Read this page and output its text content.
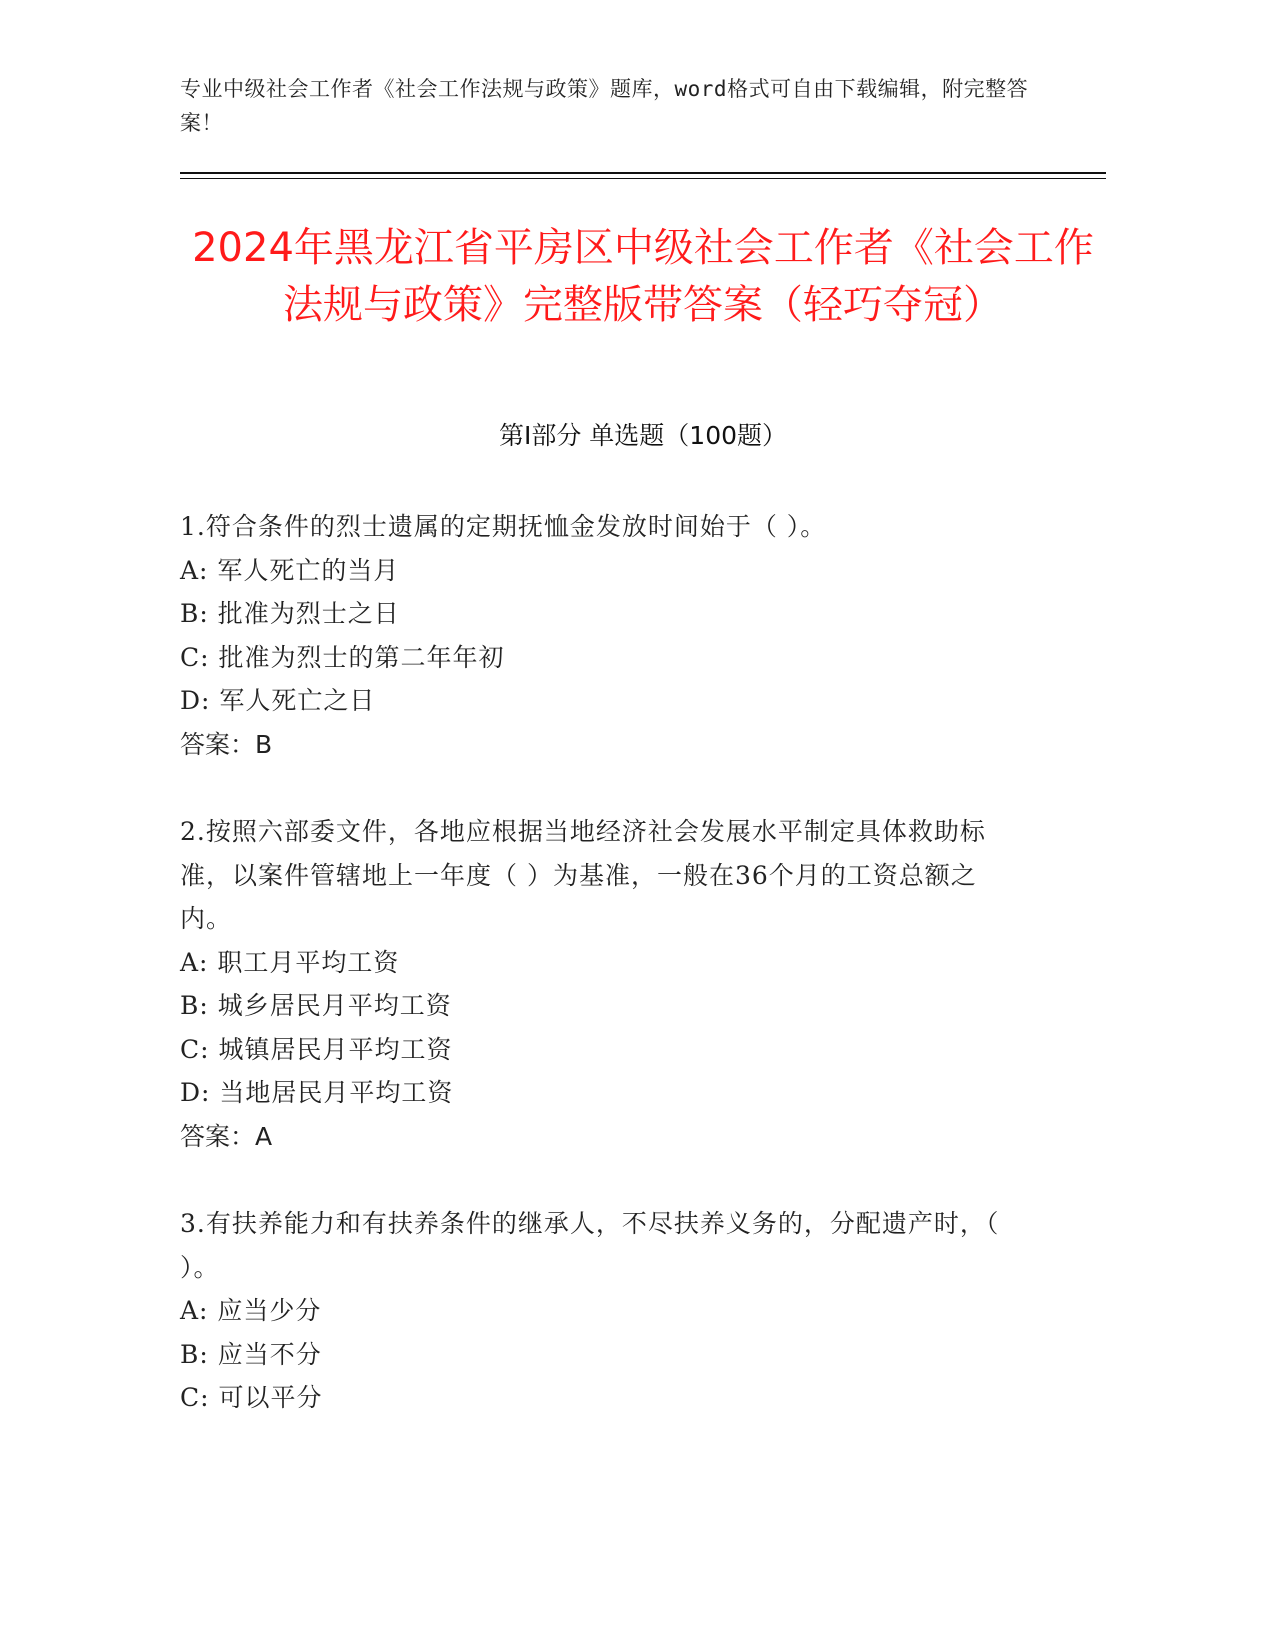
专业中级社会工作者《社会工作法规与政策》题库，word格式可自由下载编辑，附完整答案！
2024年黑龙江省平房区中级社会工作者《社会工作法规与政策》完整版带答案（轻巧夺冠）
第I部分 单选题（100题）

1.符合条件的烈士遗属的定期抚恤金发放时间始于（ ）。

A: 军人死亡的当月

B: 批准为烈士之日

C: 批准为烈士的第二年年初

D: 军人死亡之日

答案：B

2.按照六部委文件，各地应根据当地经济社会发展水平制定具体救助标准，以案件管辖地上一年度（ ）为基准，一般在36个月的工资总额之内。

A: 职工月平均工资

B: 城乡居民月平均工资

C: 城镇居民月平均工资

D: 当地居民月平均工资

答案：A

3.有扶养能力和有扶养条件的继承人，不尽扶养义务的，分配遗产时，（ ）。

A: 应当少分

B: 应当不分

C: 可以平分
